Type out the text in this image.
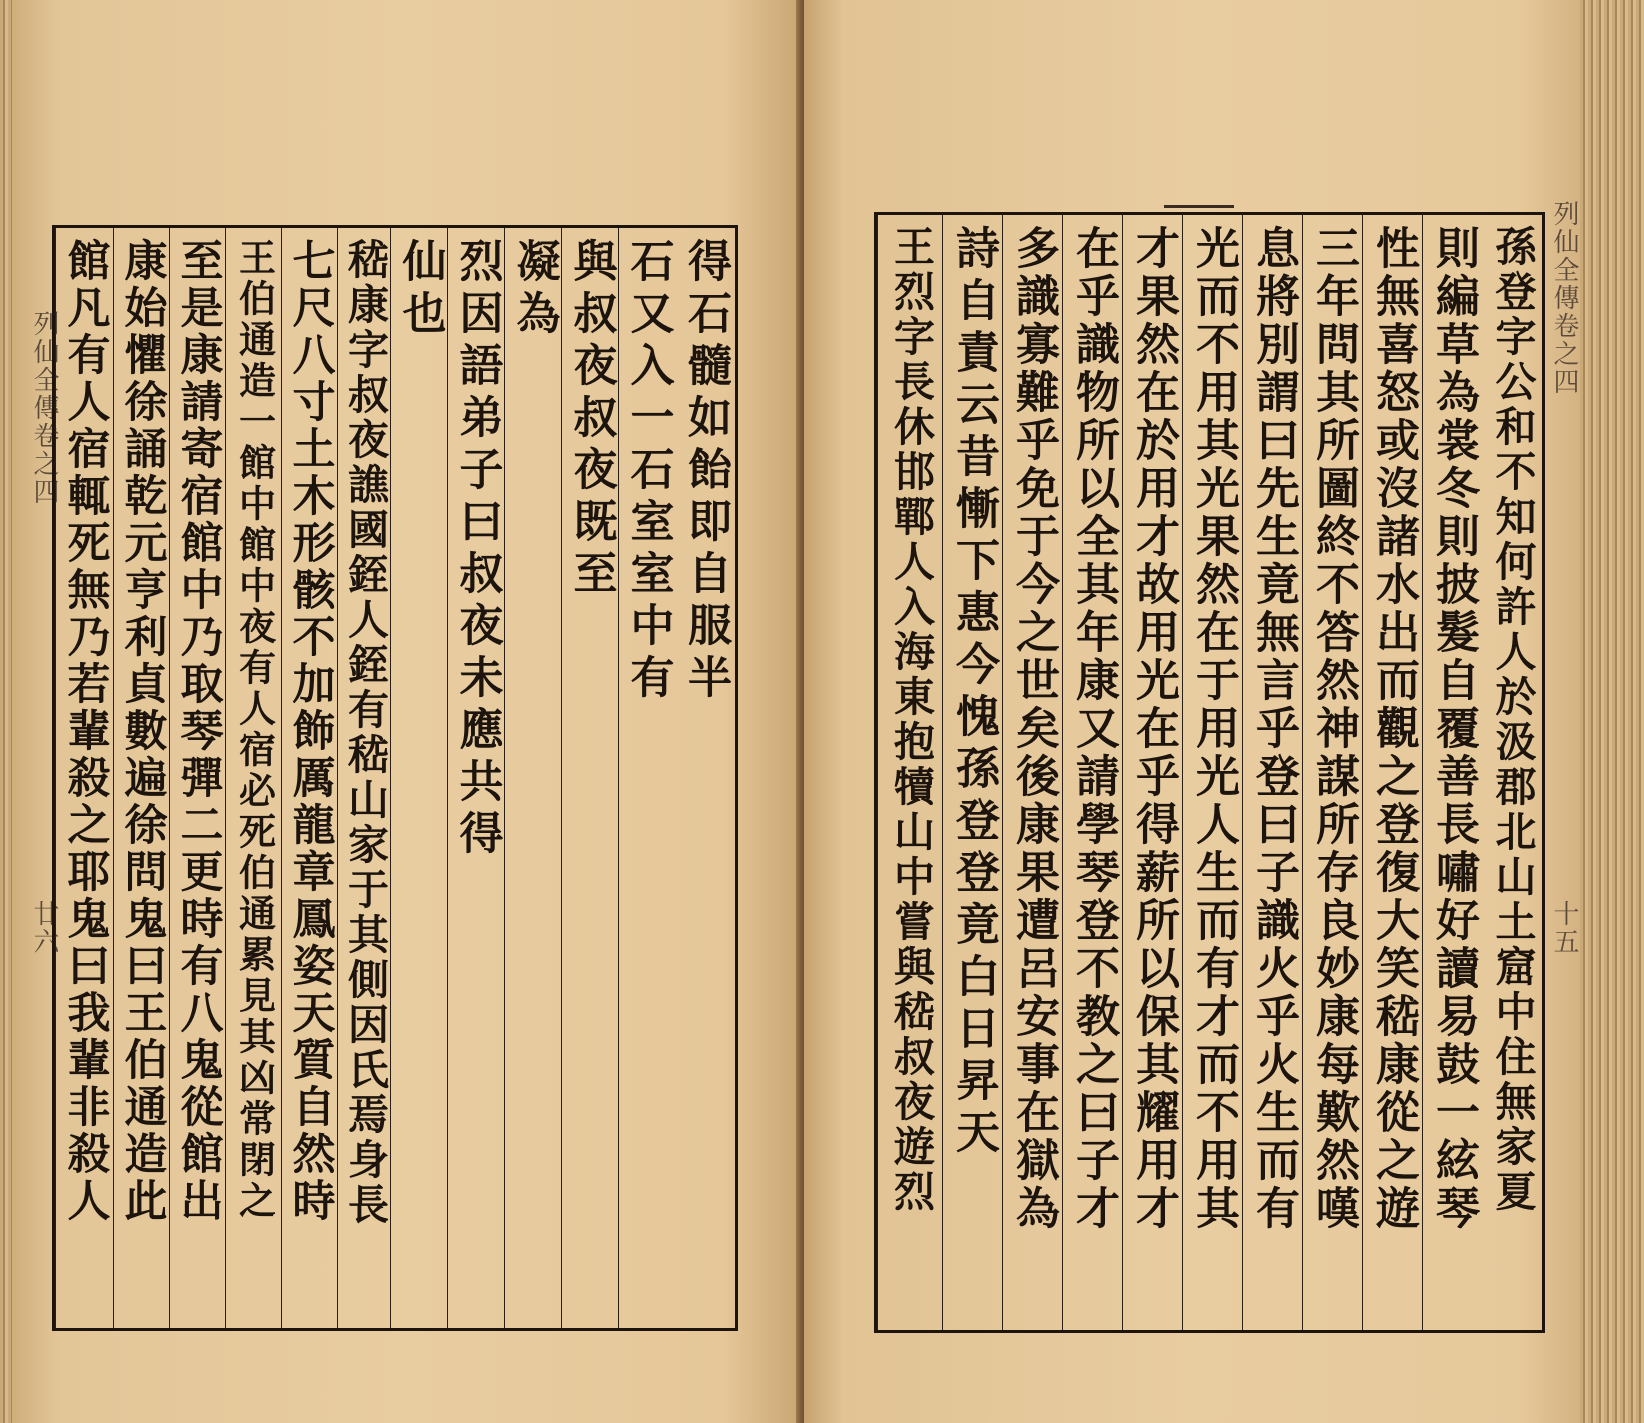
列仙全傳卷之四
廿六
得石髓如飴即自服半
石又入一石室室中有
與叔夜叔夜既至
凝為
烈因語弟子曰叔夜未應共得
仙也
嵇康字叔夜譙國銍人銍有嵇山家于其側因氏焉身長
七尺八寸土木形骸不加飾厲龍章鳳姿天質自然時
王伯通造一館中館中夜有人宿必死伯通累見其凶常閉之
至是康請寄宿館中乃取琴彈二更時有八鬼從館出
康始懼徐誦乾元亨利貞數遍徐問鬼曰王伯通造此
館凡有人宿輒死無乃若輩殺之耶鬼曰我輩非殺人	列仙全傳卷之四
十五
孫登字公和不知何許人於汲郡北山土窟中住無家夏
則編草為裳冬則披髮自覆善長嘯好讀易鼓一絃琴
性無喜怒或沒諸水出而觀之登復大笑嵇康從之遊
三年問其所圖終不答然神謀所存良妙康每歎然嘆
息將別謂曰先生竟無言乎登曰子識火乎火生而有
光而不用其光果然在于用光人生而有才而不用其
才果然在於用才故用光在乎得薪所以保其耀用才
在乎識物所以全其年康又請學琴登不教之曰子才
多識寡難乎免于今之世矣後康果遭呂安事在獄為
詩自責云昔慚下惠今愧孫登登竟白日昇天
王烈字長休邯鄲人入海東抱犢山中嘗與嵇叔夜遊烈
